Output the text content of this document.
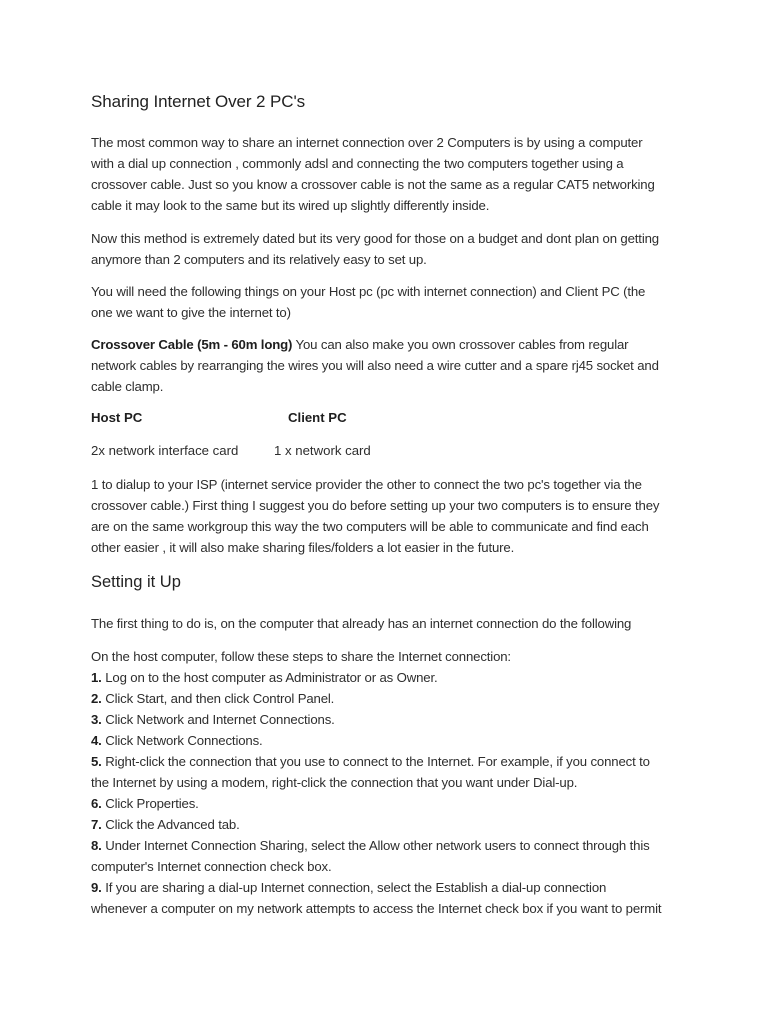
Sharing Internet Over 2 PC's

The most common way to share an internet connection over 2 Computers is by using a computer
with a dial up connection , commonly adsl and connecting the two computers together using a
crossover cable. Just so you know a crossover cable is not the same as a regular CAT5 networking
cable it may look to the same but its wired up slightly differently inside.

Now this method is extremely dated but its very good for those on a budget and dont plan on getting
anymore than 2 computers and its relatively easy to set up.

You will need the following things on your Host pc (pc with internet connection) and Client PC (the
one we want to give the internet to)

Crossover Cable (5m - 60m long) You can also make you own crossover cables from regular
network cables by rearranging the wires you will also need a wire cutter and a spare rj45 socket and
cable clamp.

Host PC	Client PC
2x network interface card	1 x network card

1 to dialup to your ISP (internet service provider the other to connect the two pc's together via the
crossover cable.) First thing I suggest you do before setting up your two computers is to ensure they
are on the same workgroup this way the two computers will be able to communicate and find each
other easier , it will also make sharing files/folders a lot easier in the future.

Setting it Up

The first thing to do is, on the computer that already has an internet connection do the following

On the host computer, follow these steps to share the Internet connection:
1. Log on to the host computer as Administrator or as Owner.
2. Click Start, and then click Control Panel.
3. Click Network and Internet Connections.
4. Click Network Connections.
5. Right-click the connection that you use to connect to the Internet. For example, if you connect to
the Internet by using a modem, right-click the connection that you want under Dial-up.
6. Click Properties.
7. Click the Advanced tab.
8. Under Internet Connection Sharing, select the Allow other network users to connect through this
computer's Internet connection check box.
9. If you are sharing a dial-up Internet connection, select the Establish a dial-up connection
whenever a computer on my network attempts to access the Internet check box if you want to permit
